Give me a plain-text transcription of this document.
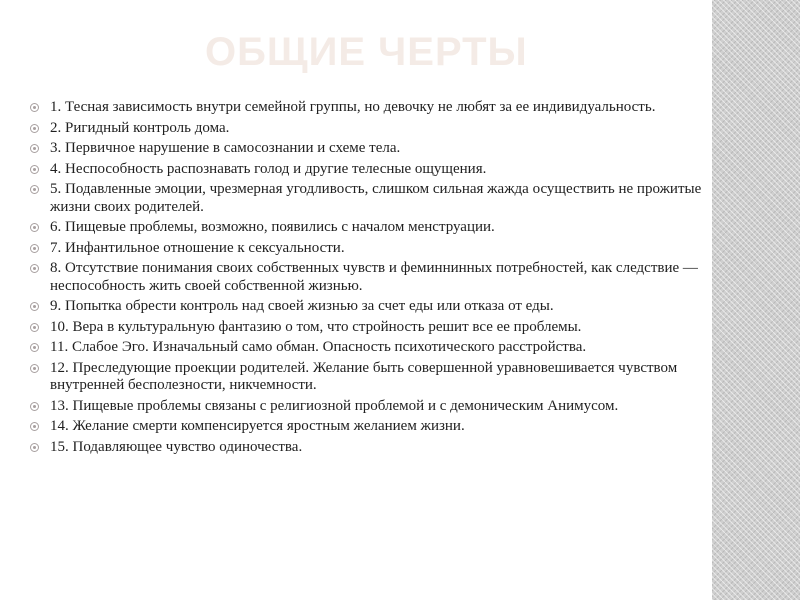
ОБЩИЕ ЧЕРТЫ
1. Тесная зависимость внутри семейной группы, но девочку не любят за ее индивидуальность.
2. Ригидный контроль дома.
3. Первичное нарушение в самосознании и схеме тела.
4. Неспособность распознавать голод и другие телесные ощущения.
5. Подавленные эмоции, чрезмерная угодливость, слишком сильная жажда осуществить не прожитые жизни своих родителей.
6. Пищевые проблемы, возможно, появились с началом менструации.
7. Инфантильное отношение к сексуальности.
8. Отсутствие понимания своих собственных чувств и феминнинных потребностей, как следствие — неспособность жить своей собственной жизнью.
9. Попытка обрести контроль над своей жизнью за счет еды или отказа от еды.
10. Вера в культуральную фантазию о том, что стройность решит все ее проблемы.
11. Слабое Эго. Изначальный само обман. Опасность психотического расстройства.
12. Преследующие проекции родителей. Желание быть совершенной уравновешивается чувством внутренней бесполезности, никчемности.
13. Пищевые проблемы связаны с религиозной проблемой и с демоническим Анимусом.
14. Желание смерти компенсируется яростным желанием жизни.
15. Подавляющее чувство одиночества.
